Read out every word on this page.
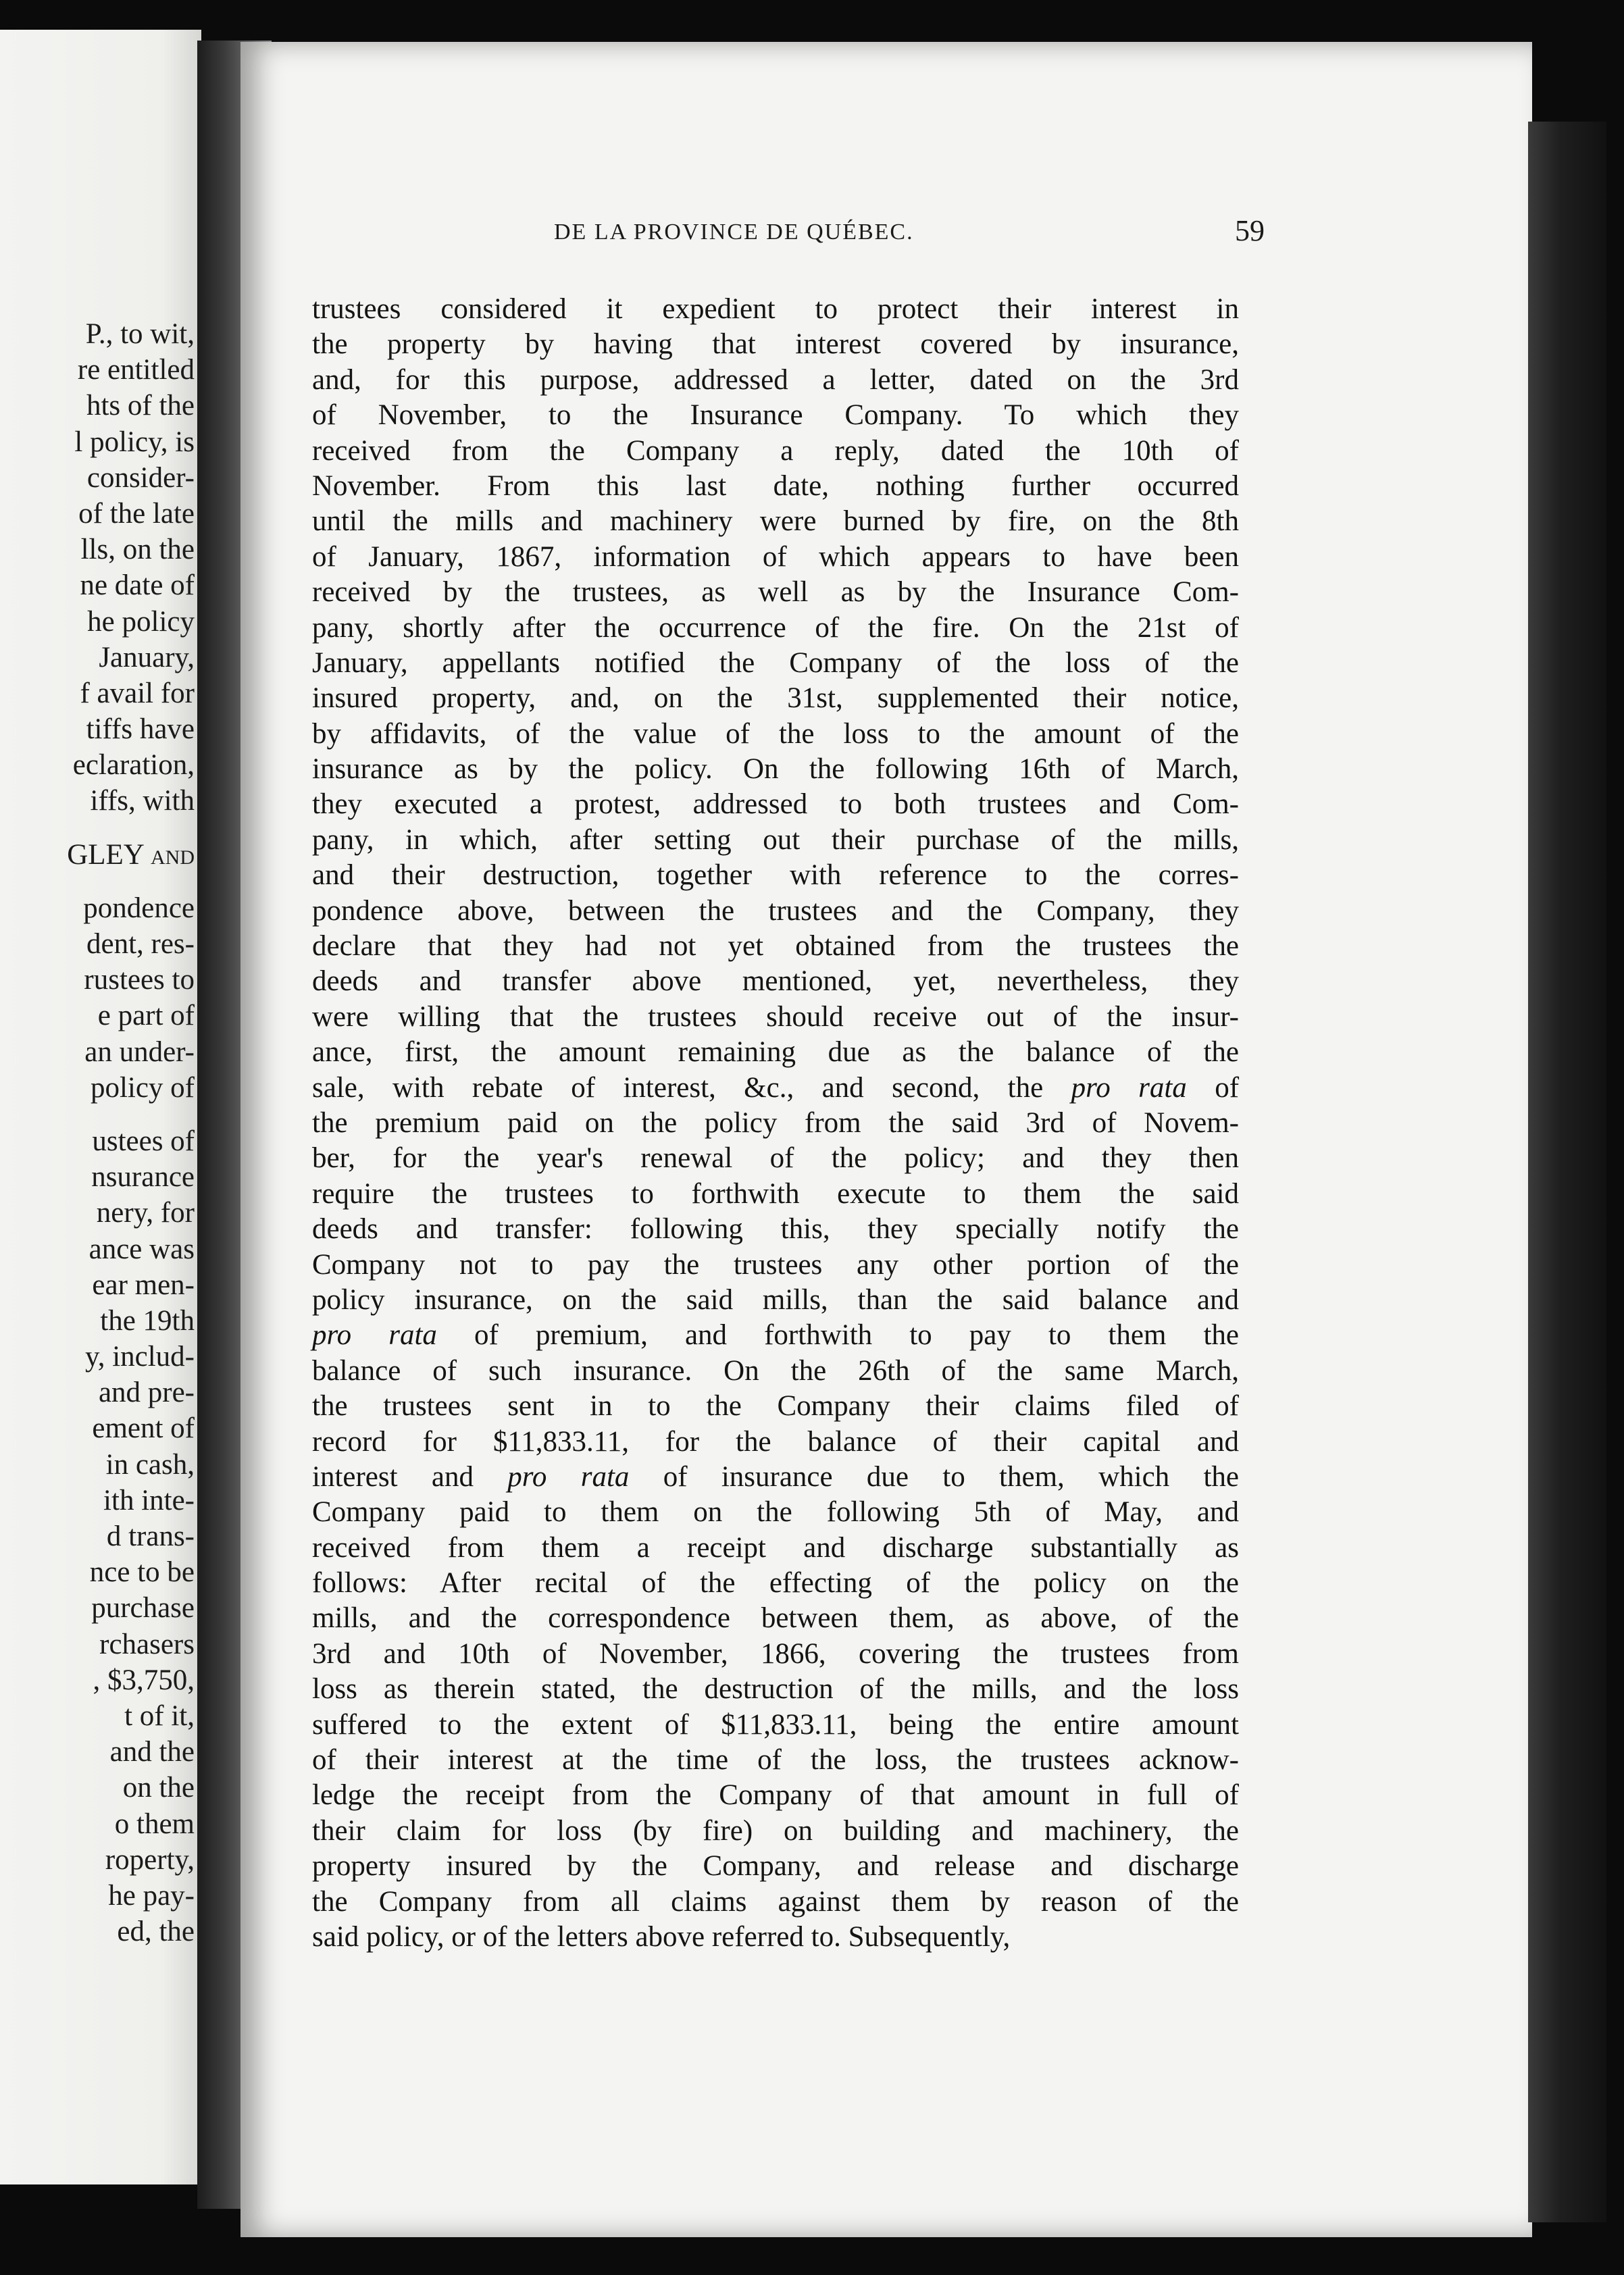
P., to wit,
re entitled
hts of the
l policy, is
consider-
of the late
lls, on the
ne date of
he policy
January,
f avail for
tiffs have
eclaration,
iffs, with
GLEY and
pondence
dent, res-
rustees to
e part of
an under-
policy of
ustees of
nsurance
nery, for
ance was
ear men-
the 19th
y, includ-
and pre-
ement of
in cash,
ith inte-
d trans-
nce to be
purchase
rchasers
, $3,750,
t of it,
and the
on the
o them
roperty,
he pay-
ed, the
DE LA PROVINCE DE QUÉBEC.	59
trustees considered it expedient to protect their interest in
the property by having that interest covered by insurance,
and, for this purpose, addressed a letter, dated on the 3rd
of November, to the Insurance Company. To which they
received from the Company a reply, dated the 10th of
November. From this last date, nothing further occurred
until the mills and machinery were burned by fire, on the 8th
of January, 1867, information of which appears to have been
received by the trustees, as well as by the Insurance Com-
pany, shortly after the occurrence of the fire. On the 21st of
January, appellants notified the Company of the loss of the
insured property, and, on the 31st, supplemented their notice,
by affidavits, of the value of the loss to the amount of the
insurance as by the policy. On the following 16th of March,
they executed a protest, addressed to both trustees and Com-
pany, in which, after setting out their purchase of the mills,
and their destruction, together with reference to the corres-
pondence above, between the trustees and the Company, they
declare that they had not yet obtained from the trustees the
deeds and transfer above mentioned, yet, nevertheless, they
were willing that the trustees should receive out of the insur-
ance, first, the amount remaining due as the balance of the
sale, with rebate of interest, &c., and second, the pro rata of
the premium paid on the policy from the said 3rd of Novem-
ber, for the year's renewal of the policy; and they then
require the trustees to forthwith execute to them the said
deeds and transfer: following this, they specially notify the
Company not to pay the trustees any other portion of the
policy insurance, on the said mills, than the said balance and
pro rata of premium, and forthwith to pay to them the
balance of such insurance. On the 26th of the same March,
the trustees sent in to the Company their claims filed of
record for $11,833.11, for the balance of their capital and
interest and pro rata of insurance due to them, which the
Company paid to them on the following 5th of May, and
received from them a receipt and discharge substantially as
follows: After recital of the effecting of the policy on the
mills, and the correspondence between them, as above, of the
3rd and 10th of November, 1866, covering the trustees from
loss as therein stated, the destruction of the mills, and the loss
suffered to the extent of $11,833.11, being the entire amount
of their interest at the time of the loss, the trustees acknow-
ledge the receipt from the Company of that amount in full of
their claim for loss (by fire) on building and machinery, the
property insured by the Company, and release and discharge
the Company from all claims against them by reason of the
said policy, or of the letters above referred to. Subsequently,
